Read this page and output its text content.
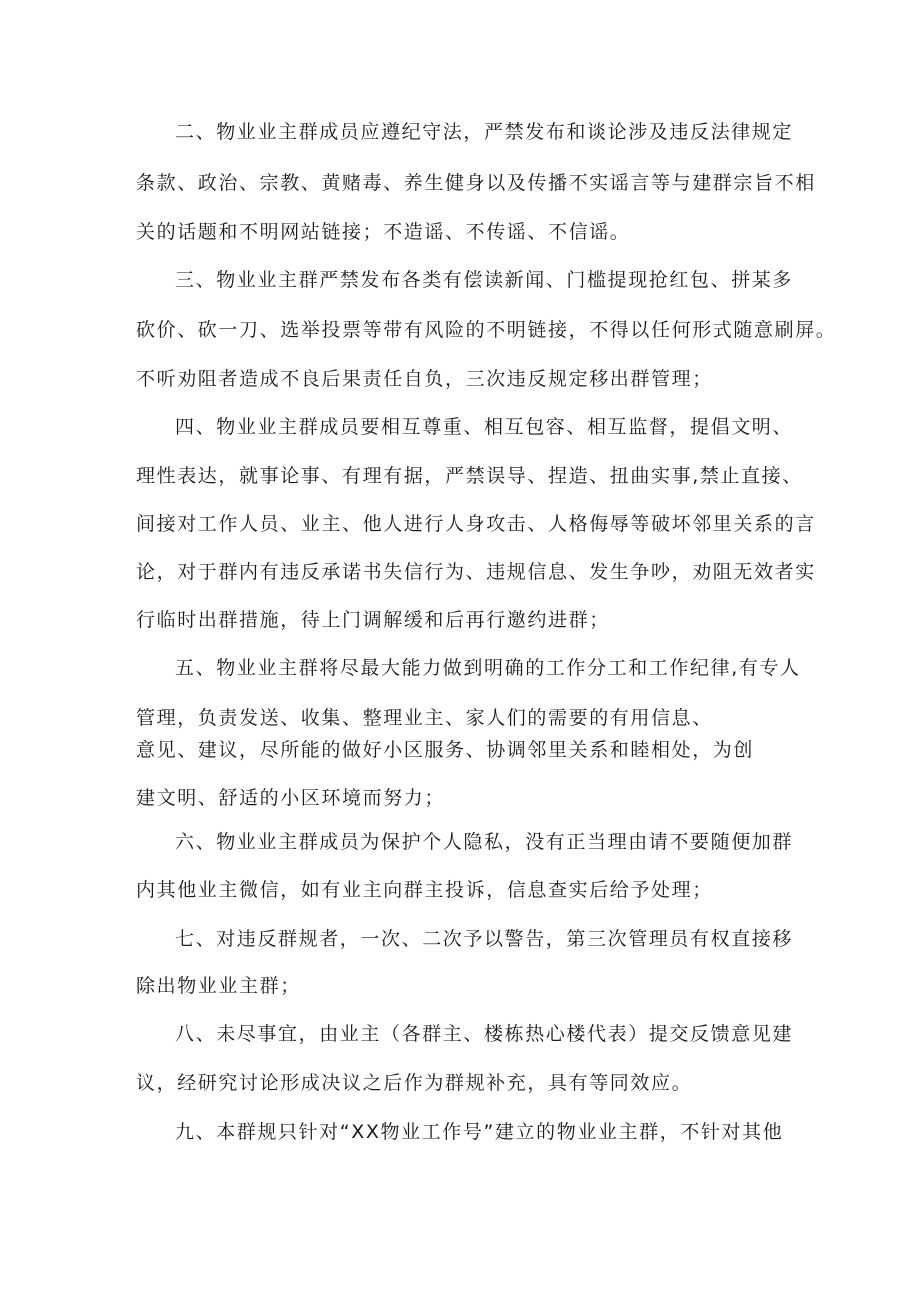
二、物业业主群成员应遵纪守法，严禁发布和谈论涉及违反法律规定

条款、政治、宗教、黄赌毒、养生健身以及传播不实谣言等与建群宗旨不相

关的话题和不明网站链接；不造谣、不传谣、不信谣。

三、物业业主群严禁发布各类有偿读新闻、门槛提现抢红包、拼某多

砍价、砍一刀、选举投票等带有风险的不明链接，不得以任何形式随意刷屏。

不听劝阻者造成不良后果责任自负，三次违反规定移出群管理；

四、物业业主群成员要相互尊重、相互包容、相互监督，提倡文明、

理性表达，就事论事、有理有据，严禁误导、捏造、扭曲实事,禁止直接、

间接对工作人员、业主、他人进行人身攻击、人格侮辱等破坏邻里关系的言

论，对于群内有违反承诺书失信行为、违规信息、发生争吵，劝阻无效者实

行临时出群措施，待上门调解缓和后再行邀约进群；

五、物业业主群将尽最大能力做到明确的工作分工和工作纪律,有专人

管理，负责发送、收集、整理业主、家人们的需要的有用信息、

意见、建议，尽所能的做好小区服务、协调邻里关系和睦相处，为创

建文明、舒适的小区环境而努力；

六、物业业主群成员为保护个人隐私，没有正当理由请不要随便加群

内其他业主微信，如有业主向群主投诉，信息查实后给予处理；

七、对违反群规者，一次、二次予以警告，第三次管理员有权直接移

除出物业业主群；

八、未尽事宜，由业主（各群主、楼栋热心楼代表）提交反馈意见建

议，经研究讨论形成决议之后作为群规补充，具有等同效应。

九、本群规只针对“XX物业工作号”建立的物业业主群，不针对其他
